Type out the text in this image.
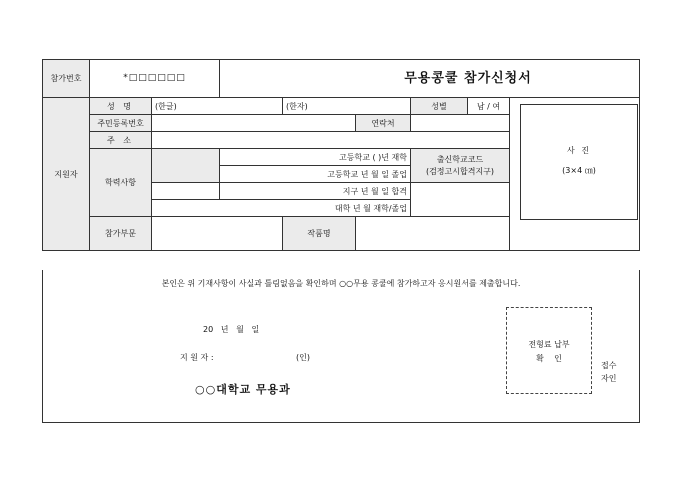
참가번호	*□□□□□□		무용콩쿨 참가신청서						
지원자	성 명	(한글)		(한자)		성별	남 / 여	사 진
(3×4 ㎝)	

	주민등록번호				연락처				
	주 소								
	학력사항		고등학교 ( )년 재학			출신학교코드
(검정고시합격지구)			

			고등학교 년 월 일 졸업						
			지구 년 월 일 합격						
		대학 년 월 재학/졸업							
	참가부문			작품명			
본인은 위 기재사항이 사실과 틀림없음을 확인하며 ○○무용 콩쿨에 참가하고자 응시원서를 제출합니다.
20   년   월   일
지 원 자 :	(인)
○○대학교 무용과
전형료 납부
확    인
접수
자인
